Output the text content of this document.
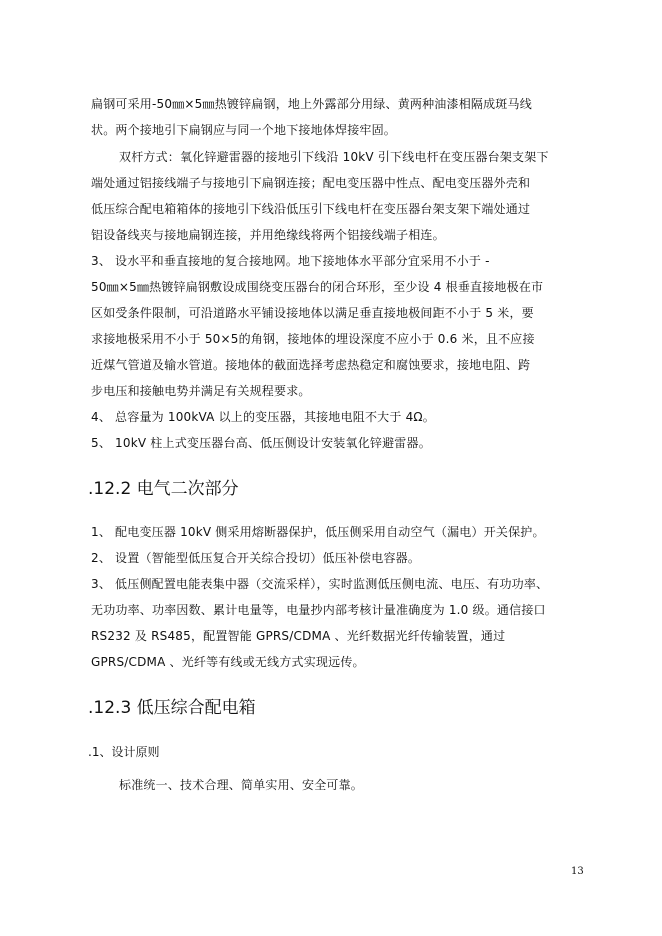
扁钢可采用-50㎜×5㎜热镀锌扁钢，地上外露部分用绿、黄两种油漆相隔成斑马线
状。两个接地引下扁钢应与同一个地下接地体焊接牢固。
双杆方式：氧化锌避雷器的接地引下线沿 10kV 引下线电杆在变压器台架支架下
端处通过铝接线端子与接地引下扁钢连接；配电变压器中性点、配电变压器外壳和
低压综合配电箱箱体的接地引下线沿低压引下线电杆在变压器台架支架下端处通过
铝设备线夹与接地扁钢连接，并用绝缘线将两个铝接线端子相连。
3、 设水平和垂直接地的复合接地网。地下接地体水平部分宜采用不小于 -
50㎜×5㎜热镀锌扁钢敷设成围绕变压器台的闭合环形，至少设 4 根垂直接地极在市
区如受条件限制，可沿道路水平铺设接地体以满足垂直接地极间距不小于 5 米，要
求接地极采用不小于 50×5的角钢，接地体的埋设深度不应小于 0.6 米，且不应接
近煤气管道及输水管道。接地体的截面选择考虑热稳定和腐蚀要求，接地电阻、跨
步电压和接触电势并满足有关规程要求。
4、 总容量为 100kVA 以上的变压器，其接地电阻不大于 4Ω。
5、 10kV 柱上式变压器台高、低压侧设计安装氧化锌避雷器。
.12.2 电气二次部分
1、 配电变压器 10kV 侧采用熔断器保护，低压侧采用自动空气（漏电）开关保护。
2、 设置（智能型低压复合开关综合投切）低压补偿电容器。
3、 低压侧配置电能表集中器（交流采样），实时监测低压侧电流、电压、有功功率、
无功功率、功率因数、累计电量等，电量抄内部考核计量准确度为 1.0 级。通信接口
RS232 及 RS485，配置智能 GPRS/CDMA 、光纤数据光纤传输装置，通过
GPRS/CDMA 、光纤等有线或无线方式实现远传。
.12.3 低压综合配电箱
.1、设计原则
标准统一、技术合理、简单实用、安全可靠。
13
